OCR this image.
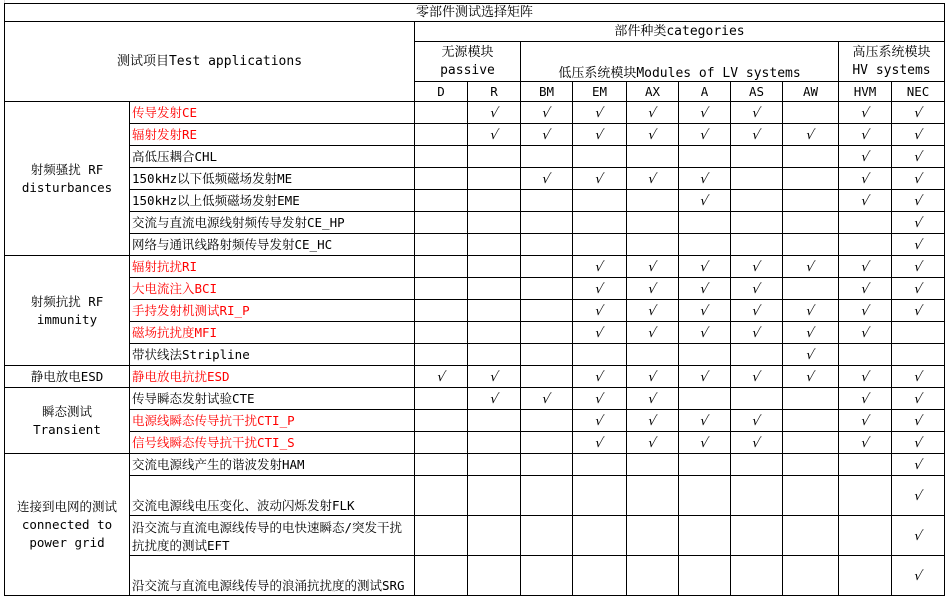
零部件测试选择矩阵											
测试项目Test applications		部件种类categories									

无源模块
passive	低压系统模块Modules of LV systems	
高压系统模块
HV systems

		D	R	BM	EM	AX	A	AS	AW	HVM	NEC

射频骚扰 RF
disturbances	传导发射CE		√	√	√	√	√	√		√	√
	辐射发射RE		√	√	√	√	√	√	√	√	√
	高低压耦合CHL									√	√
	150kHz以下低频磁场发射ME			√	√	√	√			√	√
	150kHz以上低频磁场发射EME						√			√	√
	交流与直流电源线射频传导发射CE_HP										√
	网络与通讯线路射频传导发射CE_HC										√

射频抗扰 RF
immunity	辐射抗扰RI				√	√	√	√	√	√	√
	大电流注入BCI				√	√	√	√		√	√
	手持发射机测试RI_P				√	√	√	√	√	√	√
	磁场抗扰度MFI				√	√	√	√	√	√	
	带状线法Stripline								√		

静电放电ESD	静电放电抗扰ESD	√	√		√	√	√	√	√	√	√

瞬态测试
Transient	传导瞬态发射试验CTE		√	√	√	√				√	√
	电源线瞬态传导抗干扰CTI_P				√	√	√	√		√	√
	信号线瞬态传导抗干扰CTI_S				√	√	√	√		√	√

连接到电网的测试
connected to
power grid	交流电源线产生的谐波发射HAM										√
	交流电源线电压变化、波动闪烁发射FLK										√
	沿交流与直流电源线传导的电快速瞬态/突发干扰抗扰度的测试EFT										√
	沿交流与直流电源线传导的浪涌抗扰度的测试SRG										√
